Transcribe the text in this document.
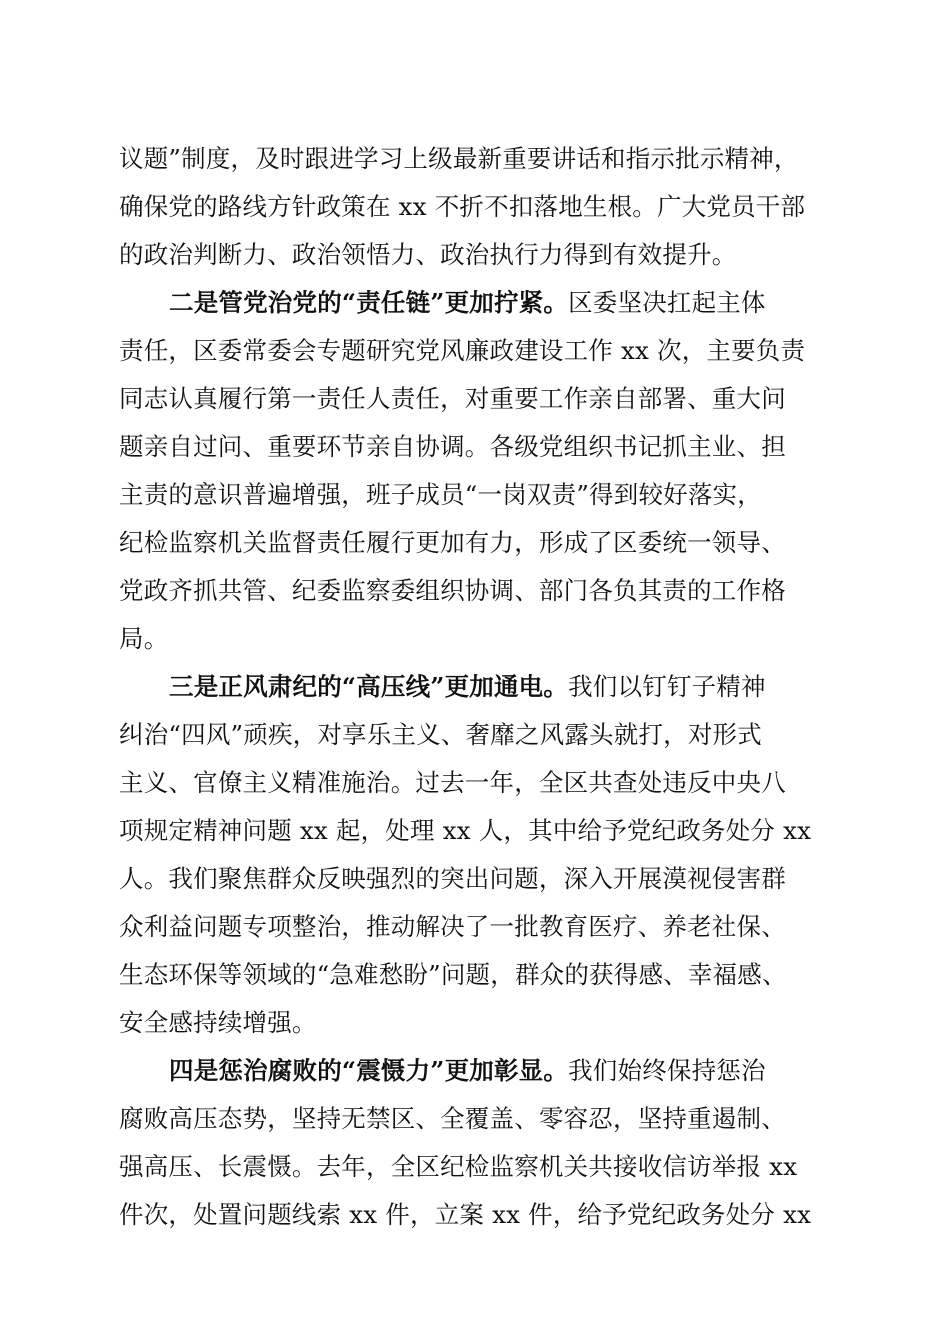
议题”制度，及时跟进学习上级最新重要讲话和指示批示精神，
确保党的路线方针政策在 xx 不折不扣落地生根。广大党员干部
的政治判断力、政治领悟力、政治执行力得到有效提升。
二是管党治党的“责任链”更加拧紧。区委坚决扛起主体
责任，区委常委会专题研究党风廉政建设工作 xx 次，主要负责
同志认真履行第一责任人责任，对重要工作亲自部署、重大问
题亲自过问、重要环节亲自协调。各级党组织书记抓主业、担
主责的意识普遍增强，班子成员“一岗双责”得到较好落实，
纪检监察机关监督责任履行更加有力，形成了区委统一领导、
党政齐抓共管、纪委监察委组织协调、部门各负其责的工作格
局。
三是正风肃纪的“高压线”更加通电。我们以钉钉子精神
纠治“四风”顽疾，对享乐主义、奢靡之风露头就打，对形式
主义、官僚主义精准施治。过去一年，全区共查处违反中央八
项规定精神问题 xx 起，处理 xx 人，其中给予党纪政务处分 xx
人。我们聚焦群众反映强烈的突出问题，深入开展漠视侵害群
众利益问题专项整治，推动解决了一批教育医疗、养老社保、
生态环保等领域的“急难愁盼”问题，群众的获得感、幸福感、
安全感持续增强。
四是惩治腐败的“震慑力”更加彰显。我们始终保持惩治
腐败高压态势，坚持无禁区、全覆盖、零容忍，坚持重遏制、
强高压、长震慑。去年，全区纪检监察机关共接收信访举报 xx
件次，处置问题线索 xx 件，立案 xx 件，给予党纪政务处分 xx
